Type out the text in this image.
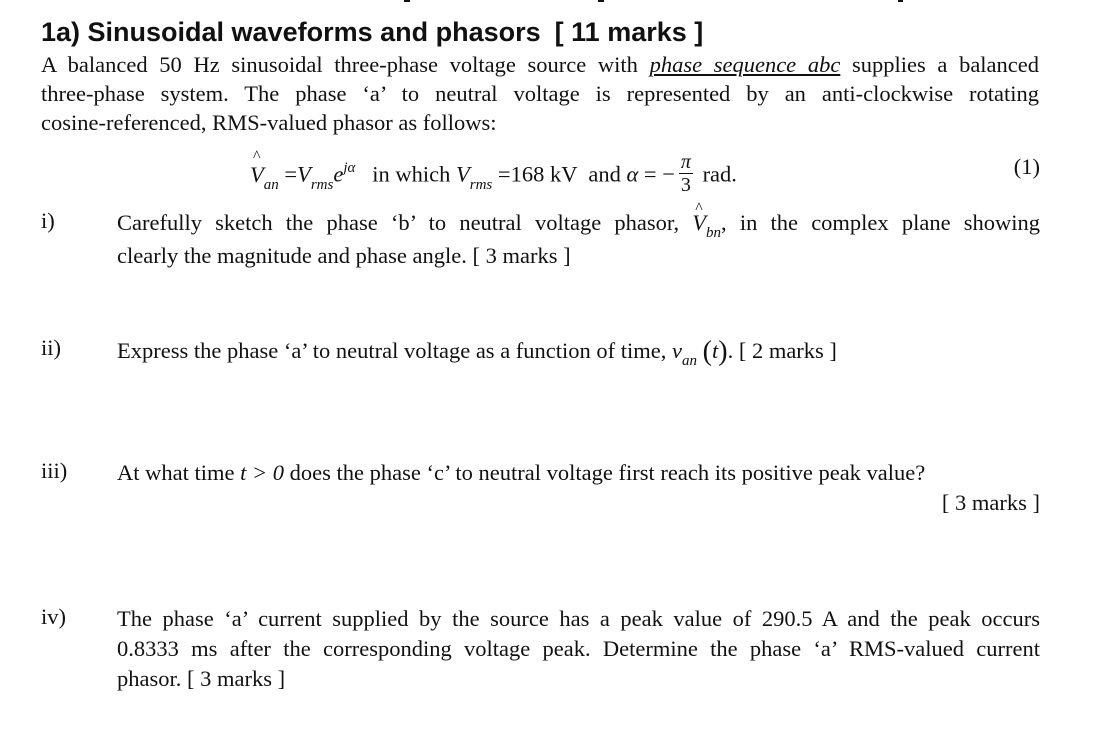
1a) Sinusoidal waveforms and phasors [ 11 marks ]
A balanced 50 Hz sinusoidal three-phase voltage source with phase sequence abc supplies a balanced
three-phase system. The phase ‘a’ to neutral voltage is represented by an anti-clockwise rotating
cosine-referenced, RMS-valued phasor as follows:
^ $V_{an} =V_{rms}e^{j\alpha}$ in which $V_{rms} =168$ kV and α = − $\frac{\pi}{3}$ rad.	(1)
i)	Carefully sketch the phase ‘b’ to neutral voltage phasor, ^ $V_{bn}$, in the complex plane showing
clearly the magnitude and phase angle. [ 3 marks ]
ii) Express the phase ‘a’ to neutral voltage as a function of time, $v_{an}$ (t). [ 2 marks ]
iii) At what time t > 0 does the phase ‘c’ to neutral voltage first reach its positive peak value?
[ 3 marks ]
iv) The phase ‘a’ current supplied by the source has a peak value of 290.5 A and the peak occurs
0.8333 ms after the corresponding voltage peak. Determine the phase ‘a’ RMS-valued current
phasor. [ 3 marks ]
